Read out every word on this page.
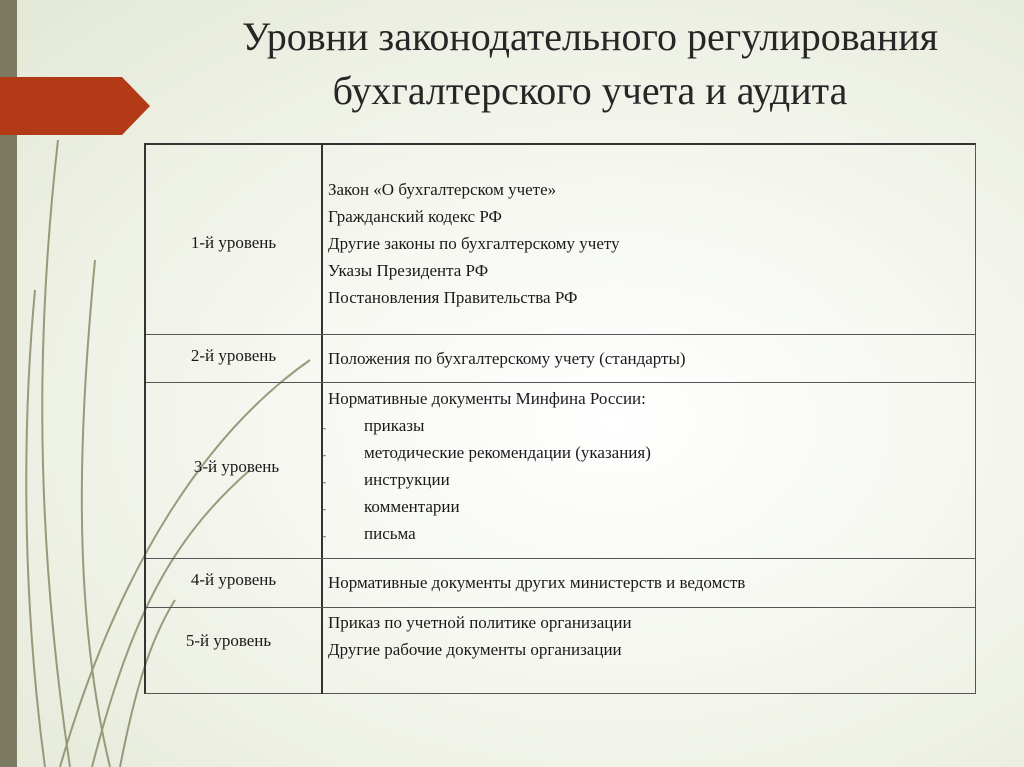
Уровни законодательного регулирования
бухгалтерского учета и аудита
1-й уровень
Закон «О бухгалтерском учете»
Гражданский кодекс РФ
Другие законы по бухгалтерскому учету
Указы Президента РФ
Постановления Правительства РФ
2-й уровень	Положения по бухгалтерскому учету (стандарты)
3-й уровень
Нормативные документы Минфина России:
- приказы
- методические рекомендации (указания)
- инструкции
- комментарии
- письма
4-й уровень	Нормативные документы других министерств и ведомств
5-й уровень
Приказ по учетной политике организации
Другие рабочие документы организации
